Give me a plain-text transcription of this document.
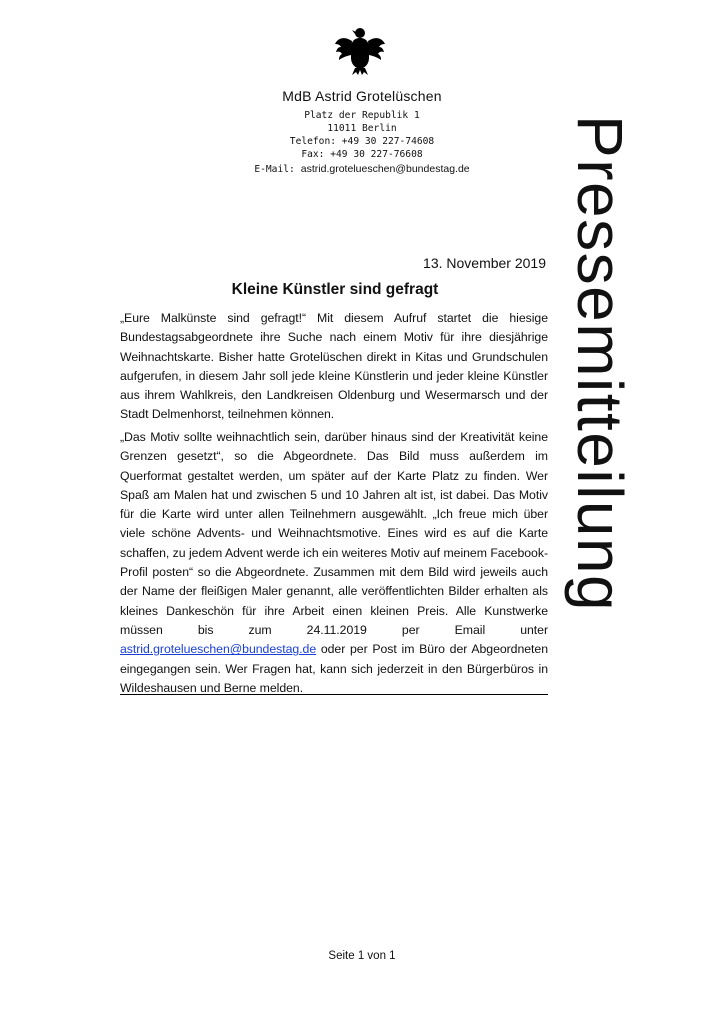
MdB Astrid Grotelüschen
Platz der Republik 1
11011 Berlin
Telefon: +49 30 227-74608
Fax: +49 30 227-76608
E-Mail: astrid.groteluesche​n@bundestag.de
13. November 2019
Kleine Künstler sind gefragt
„Eure Malkünste sind gefragt!“ Mit diesem Aufruf startet die hiesige Bundestagsabgeordnete ihre Suche nach einem Motiv für ihre diesjährige Weihnachtskarte. Bisher hatte Grotelüschen direkt in Kitas und Grundschulen aufgerufen, in diesem Jahr soll jede kleine Künstlerin und jeder kleine Künstler aus ihrem Wahlkreis, den Landkreisen Oldenburg und Wesermarsch und der Stadt Delmenhorst, teilnehmen können.
„Das Motiv sollte weihnachtlich sein, darüber hinaus sind der Kreativität keine Grenzen gesetzt“, so die Abgeordnete. Das Bild muss außerdem im Querformat gestaltet werden, um später auf der Karte Platz zu finden. Wer Spaß am Malen hat und zwischen 5 und 10 Jahren alt ist, ist dabei. Das Motiv für die Karte wird unter allen Teilnehmern ausgewählt. „Ich freue mich über viele schöne Advents- und Weihnachtsmotive. Eines wird es auf die Karte schaffen, zu jedem Advent werde ich ein weiteres Motiv auf meinem Facebook-Profil posten“ so die Abgeordnete. Zusammen mit dem Bild wird jeweils auch der Name der fleißigen Maler genannt, alle veröffentlichten Bilder erhalten als kleines Dankeschön für ihre Arbeit einen kleinen Preis. Alle Kunstwerke müssen bis zum 24.11.2019 per Email unter astrid.grotelueschen@bundestag.de oder per Post im Büro der Abgeordneten eingegangen sein. Wer Fragen hat, kann sich jederzeit in den Bürgerbüros in Wildeshausen und Berne melden.
Pressemitteilung
Seite 1 von 1
